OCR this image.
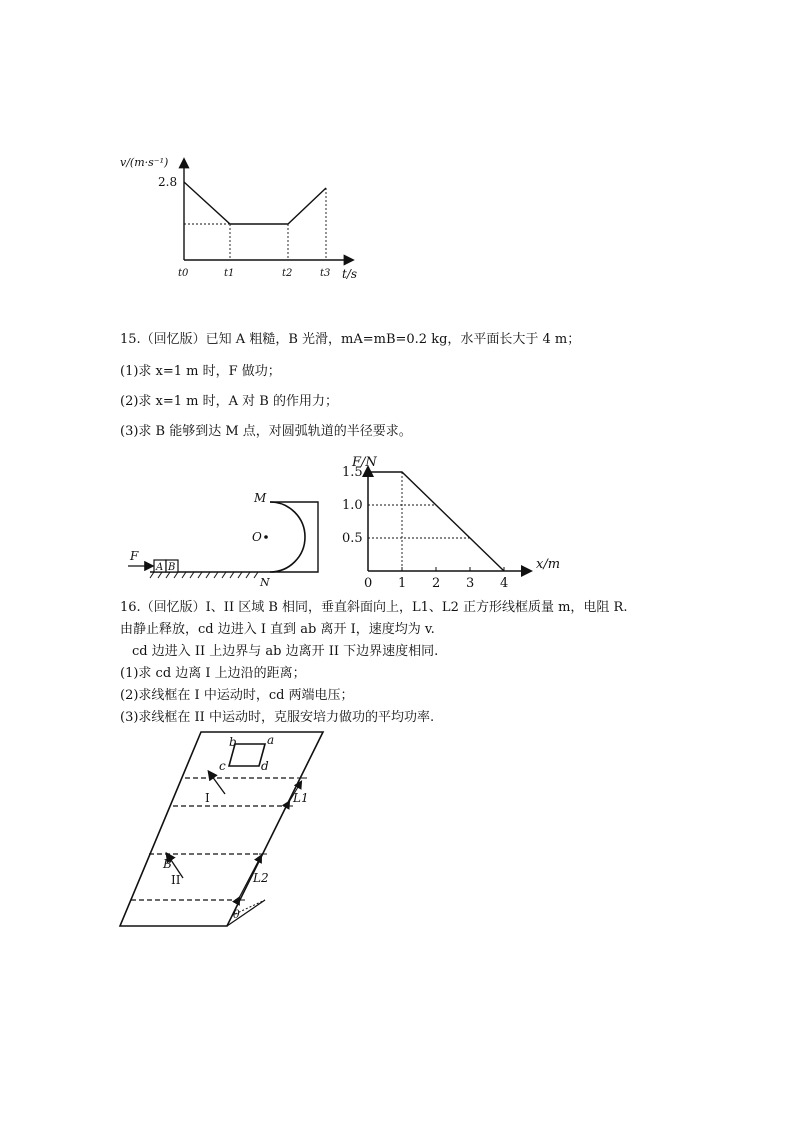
v/(m·s⁻¹)
2.8
t/s
t0	t1	t2	t3
15.（回忆版）已知 A 粗糙，B 光滑，mA=mB=0.2 kg，水平面长大于 4 m；
(1)求 x=1 m 时，F 做功；
(2)求 x=1 m 时，A 对 B 的作用力；
(3)求 B 能够到达 M 点，对圆弧轨道的半径要求。
A B
F
M
O
N
F/N
x/m
1.5
1.0
0.5
0 1 2 3 4
16.（回忆版）I、II 区域 B 相同，垂直斜面向上，L1、L2 正方形线框质量 m，电阻 R.
由静止释放，cd 边进入 I 直到 ab 离开 I，速度均为 v.
cd 边进入 II 上边界与 ab 边离开 II 下边界速度相同.
(1)求 cd 边离 I 上边沿的距离；
(2)求线框在 I 中运动时，cd 两端电压；
(3)求线框在 II 中运动时，克服安培力做功的平均功率.
b	a
c	d
I
II
B
L1
L2
θ
